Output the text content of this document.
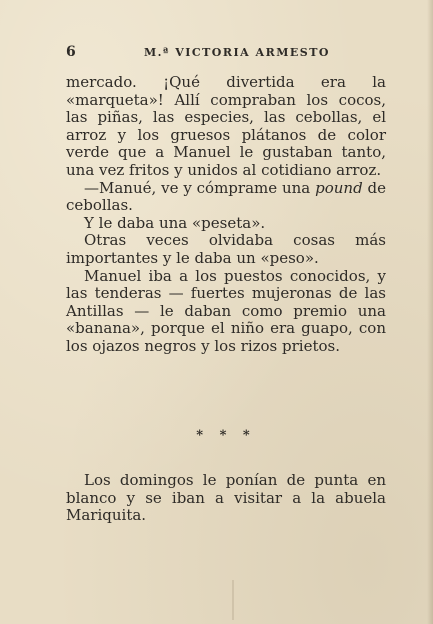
6	M.ª VICTORIA ARMESTO

mercado. ¡Qué divertida era la «marqueta»! Allí compraban los cocos, las piñas, las especies, las cebollas, el arroz y los gruesos plátanos de color verde que a Manuel le gustaban tanto, una vez fritos y unidos al cotidiano arroz.

—Manué, ve y cómprame una pound de cebollas.

Y le daba una «peseta».

Otras veces olvidaba cosas más importantes y le daba un «peso».

Manuel iba a los puestos conocidos, y las tenderas — fuertes mujeronas de las Antillas — le daban como premio una «banana», porque el niño era guapo, con los ojazos negros y los rizos prietos.

* * *

Los domingos le ponían de punta en blanco y se iban a visitar a la abuela Mariquita.
